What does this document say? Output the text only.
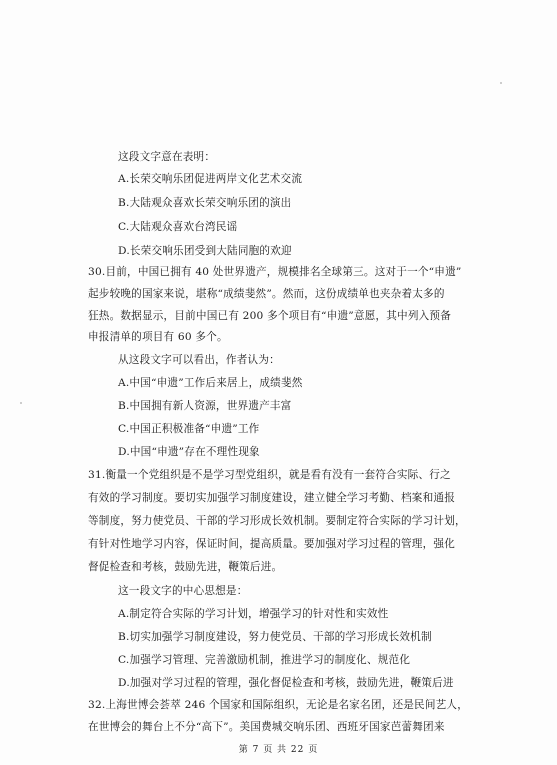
这段文字意在表明：
A.长荣交响乐团促进两岸文化艺术交流
B.大陆观众喜欢长荣交响乐团的演出
C.大陆观众喜欢台湾民谣
D.长荣交响乐团受到大陆同胞的欢迎
30.目前，中国已拥有 40 处世界遗产，规模排名全球第三。这对于一个“申遗”
起步较晚的国家来说，堪称“成绩斐然”。然而，这份成绩单也夹杂着太多的
狂热。数据显示，目前中国已有 200 多个项目有“申遗”意愿，其中列入预备
申报清单的项目有 60 多个。
从这段文字可以看出，作者认为：
A.中国“申遗”工作后来居上，成绩斐然
B.中国拥有新人资源，世界遗产丰富
C.中国正积极准备“申遗”工作
D.中国“申遗”存在不理性现象
31.衡量一个党组织是不是学习型党组织，就是看有没有一套符合实际、行之
有效的学习制度。要切实加强学习制度建设，建立健全学习考勤、档案和通报
等制度，努力使党员、干部的学习形成长效机制。要制定符合实际的学习计划，
有针对性地学习内容，保证时间，提高质量。要加强对学习过程的管理，强化
督促检查和考核，鼓励先进，鞭策后进。
这一段文字的中心思想是：
A.制定符合实际的学习计划，增强学习的针对性和实效性
B.切实加强学习制度建设，努力使党员、干部的学习形成长效机制
C.加强学习管理、完善激励机制，推进学习的制度化、规范化
D.加强对学习过程的管理，强化督促检查和考核，鼓励先进，鞭策后进
32.上海世博会荟萃 246 个国家和国际组织，无论是名家名团，还是民间艺人，
在世博会的舞台上不分“高下”。美国费城交响乐团、西班牙国家芭蕾舞团来
第 7 页 共 22 页
